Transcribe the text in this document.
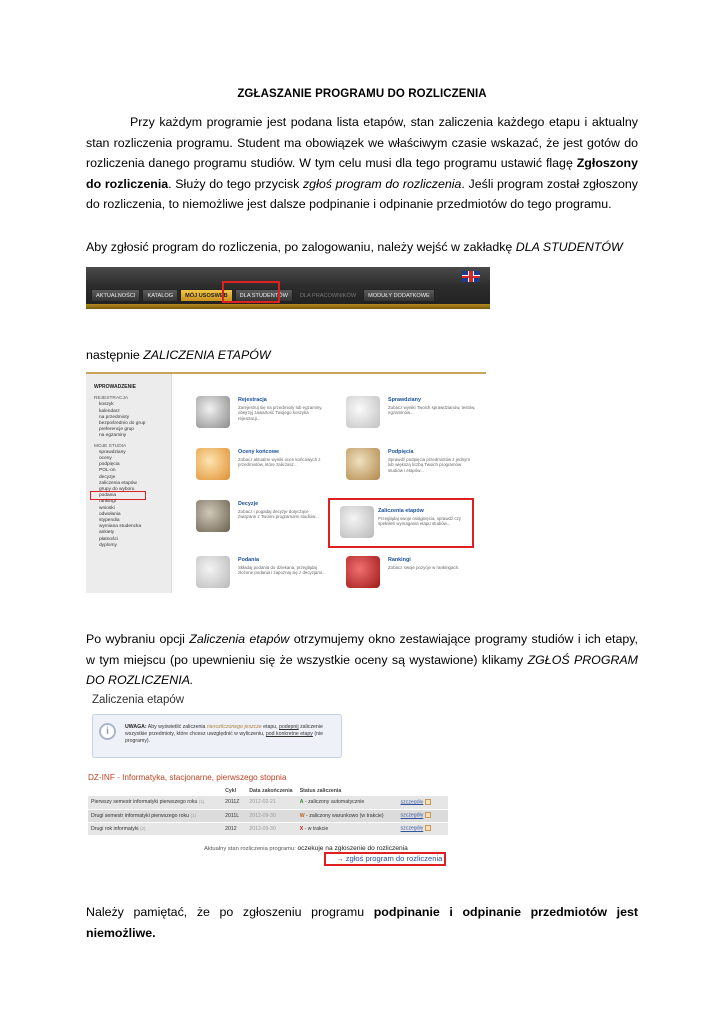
ZGŁASZANIE PROGRAMU DO ROZLICZENIA

Przy każdym programie jest podana lista etapów, stan zaliczenia każdego etapu i aktualny stan rozliczenia programu. Student ma obowiązek we właściwym czasie wskazać, że jest gotów do rozliczenia danego programu studiów. W tym celu musi dla tego programu ustawić flagę Zgłoszony do rozliczenia. Służy do tego przycisk zgłoś program do rozliczenia. Jeśli program został zgłoszony do rozliczenia, to niemożliwe jest dalsze podpinanie i odpinanie przedmiotów do tego programu.

Aby zgłosić program do rozliczenia, po zalogowaniu, należy wejść w zakładkę DLA STUDENTÓW

AKTUALNOŚCI	KATALOG	MÓJ USOSWEB	DLA STUDENTÓW	DLA PRACOWNIKÓW	MODUŁY DODATKOWE

następnie ZALICZENIA ETAPÓW

WPROWADZENIE
REJESTRACJA
koszyk
kalendarz
na przedmioty
bezpośrednio do grup
preferencje grup
na egzaminy
MOJE STUDIA
sprawdziany
oceny
podpięcia
POL-on
decyzje
zaliczenia etapów
grupy do wyboru
podania
rankingi
wnioski
odwołania
stypendia
wymiana studencka
ankiety
płatności
dyplomy
Rejestracja
Zarejestruj się na przedmioty lub egzaminy, obejrzyj zawartość Twojego koszyka rejestracji...
Sprawdziany
Zobacz wyniki Twoich sprawdzianów, testów, egzaminów...
Oceny końcowe
Zobacz aktualne wyniki ocen końcowych z przedmiotów, które zaliczasz...
Podpięcia
Sprawdź podpięcia przedmiotów z jednym lub większą liczbą Twoich programów studiów i etapów...
Decyzje
Zobacz i pogadaj decyzje dotyczące związane z Twoimi programami studiów...
Zaliczenia etapów
Przeglądaj swoje osiągnięcia, sprawdź czy spełniłeś wymagania etapu studiów...
Podania
Składaj podania do dziekana, przeglądaj złożone podania i zapoznaj się z decyzjami...
Rankingi
Zobacz swoje pozycje w rankingach.

Po wybraniu opcji Zaliczenia etapów otrzymujemy okno zestawiające programy studiów i ich etapy, w tym miejscu (po upewnieniu się że wszystkie oceny są wystawione) klikamy ZGŁOŚ PROGRAM DO ROZLICZENIA.

Zaliczenia etapów
i	UWAGA: Aby wyświetlić zaliczenia nierozliczonego jeszcze etapu, podepnij zaliczenie wszystkie przedmioty, które chcesz uwzględnić w wyliczeniu, pod konkretne etapy (nie programy).
DZ-INF - Informatyka, stacjonarne, pierwszego stopnia
	Cykl	Data zakończenia	Status zaliczenia	
Pierwszy semestr informatyki pierwszego roku (1)	2011Z	2012-02-21	A - zaliczony automatycznie	szczegóły
Drugi semestr informatyki pierwszego roku (1)	2011L	2012-09-30	W - zaliczony warunkowo (w trakcie)	szczegóły
Drugi rok informatyki (2)	2012	2013-09-30	X - w trakcie	szczegóły
Aktualny stan rozliczenia programu: oczekuje na zgłoszenie do rozliczenia
→ zgłoś program do rozliczenia

Należy pamiętać, że po zgłoszeniu programu podpinanie i odpinanie przedmiotów jest niemożliwe.
